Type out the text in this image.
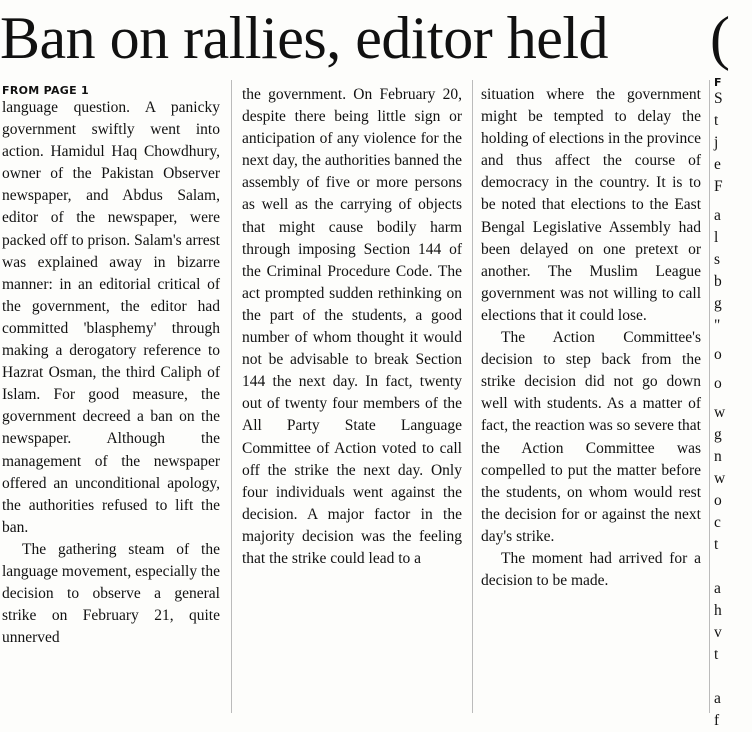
Ban on rallies, editor held
FROM PAGE 1

language question. A panicky government swiftly went into action. Hamidul Haq Chowdhury, owner of the Pakistan Observer newspaper, and Abdus Salam, editor of the newspaper, were packed off to prison. Salam's arrest was explained away in bizarre manner: in an editorial critical of the government, the editor had committed 'blasphemy' through making a derogatory reference to Hazrat Osman, the third Caliph of Islam. For good measure, the government decreed a ban on the newspaper. Although the management of the newspaper offered an unconditional apology, the authorities refused to lift the ban.

The gathering steam of the language movement, especially the decision to observe a general strike on February 21, quite unnerved

the government. On February 20, despite there being little sign or anticipation of any violence for the next day, the authorities banned the assembly of five or more persons as well as the carrying of objects that might cause bodily harm through imposing Section 144 of the Criminal Procedure Code. The act prompted sudden rethinking on the part of the students, a good number of whom thought it would not be advisable to break Section 144 the next day. In fact, twenty out of twenty four members of the All Party State Language Committee of Action voted to call off the strike the next day. Only four individuals went against the decision. A major factor in the majority decision was the feeling that the strike could lead to a

situation where the government might be tempted to delay the holding of elections in the province and thus affect the course of democracy in the country. It is to be noted that elections to the East Bengal Legislative Assembly had been delayed on one pretext or another. The Muslim League government was not willing to call elections that it could lose.

The Action Committee's decision to step back from the strike decision did not go down well with students. As a matter of fact, the reaction was so severe that the Action Committee was compelled to put the matter before the students, on whom would rest the decision for or against the next day's strike.

The moment had arrived for a decision to be made.

(
F
S
t
j
e
F
a
l
s
b
g
"
o
o
w
g
n
w
o
c
t
a
h
v
t
a
f
